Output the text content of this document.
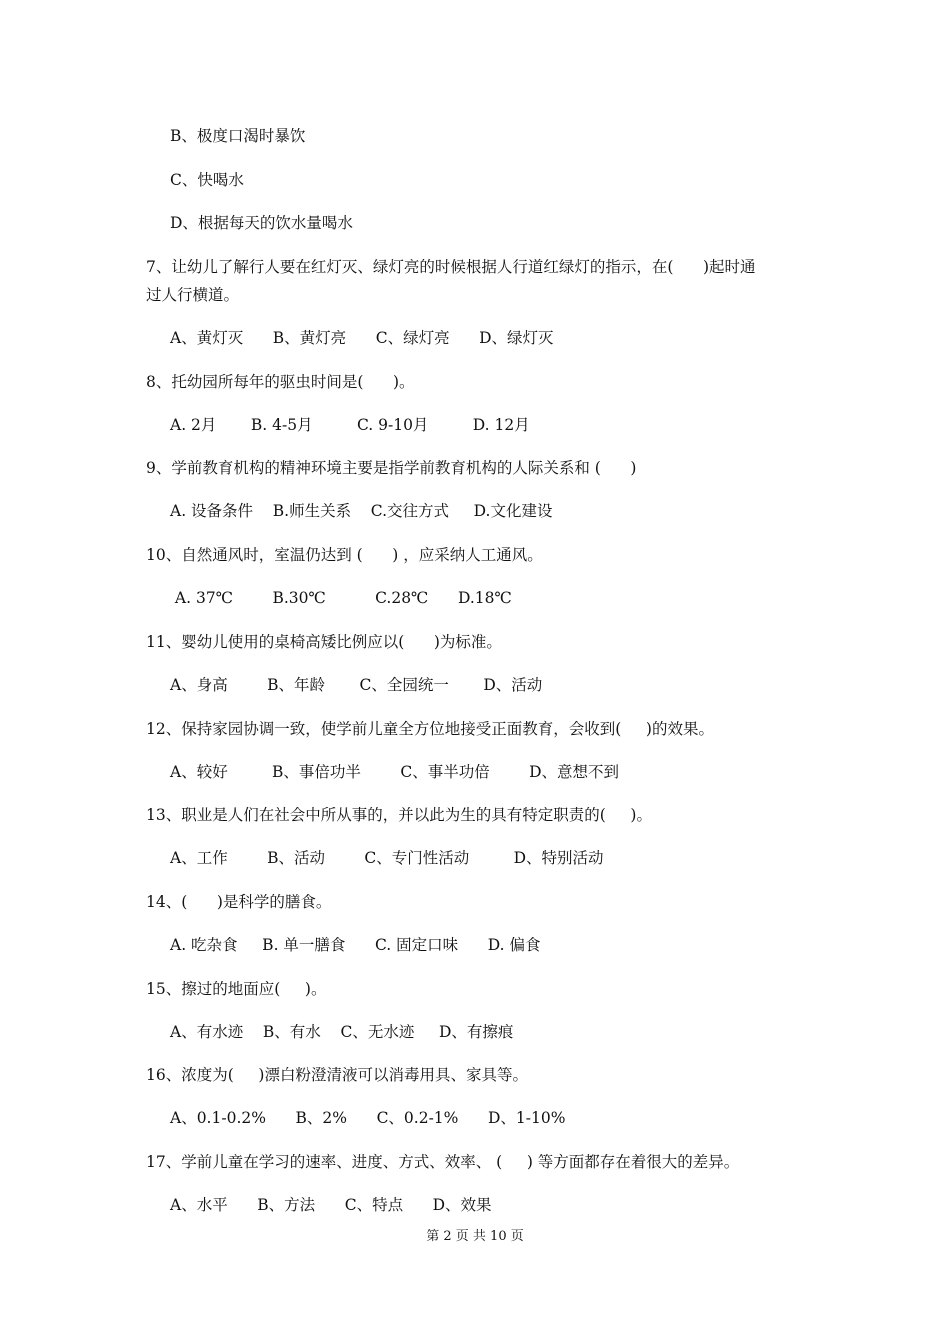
B、极度口渴时暴饮
C、快喝水
D、根据每天的饮水量喝水
7、让幼儿了解行人要在红灯灭、绿灯亮的时候根据人行道红绿灯的指示，在(      )起时通
过人行横道。
A、黄灯灭      B、黄灯亮      C、绿灯亮      D、绿灯灭
8、托幼园所每年的驱虫时间是(      )。
A. 2月       B. 4-5月         C. 9-10月         D. 12月
9、学前教育机构的精神环境主要是指学前教育机构的人际关系和 (      )
A. 设备条件    B.师生关系    C.交往方式     D.文化建设
10、自然通风时，室温仍达到 (      ) ，应采纳人工通风。
A. 37℃        B.30℃          C.28℃      D.18℃
11、婴幼儿使用的桌椅高矮比例应以(      )为标准。
A、身高        B、年龄       C、全园统一       D、活动
12、保持家园协调一致，使学前儿童全方位地接受正面教育，会收到(     )的效果。
A、较好         B、事倍功半        C、事半功倍        D、意想不到
13、职业是人们在社会中所从事的，并以此为生的具有特定职责的(     )。
A、工作        B、活动        C、专门性活动         D、特别活动
14、(      )是科学的膳食。
A. 吃杂食     B. 单一膳食      C. 固定口味      D. 偏食
15、擦过的地面应(     )。
A、有水迹    B、有水    C、无水迹     D、有擦痕
16、浓度为(     )漂白粉澄清液可以消毒用具、家具等。
A、0.1-0.2%      B、2%      C、0.2-1%      D、1-10%
17、学前儿童在学习的速率、进度、方式、效率、 (     ) 等方面都存在着很大的差异。
A、水平      B、方法      C、特点      D、效果
第 2 页 共 10 页
